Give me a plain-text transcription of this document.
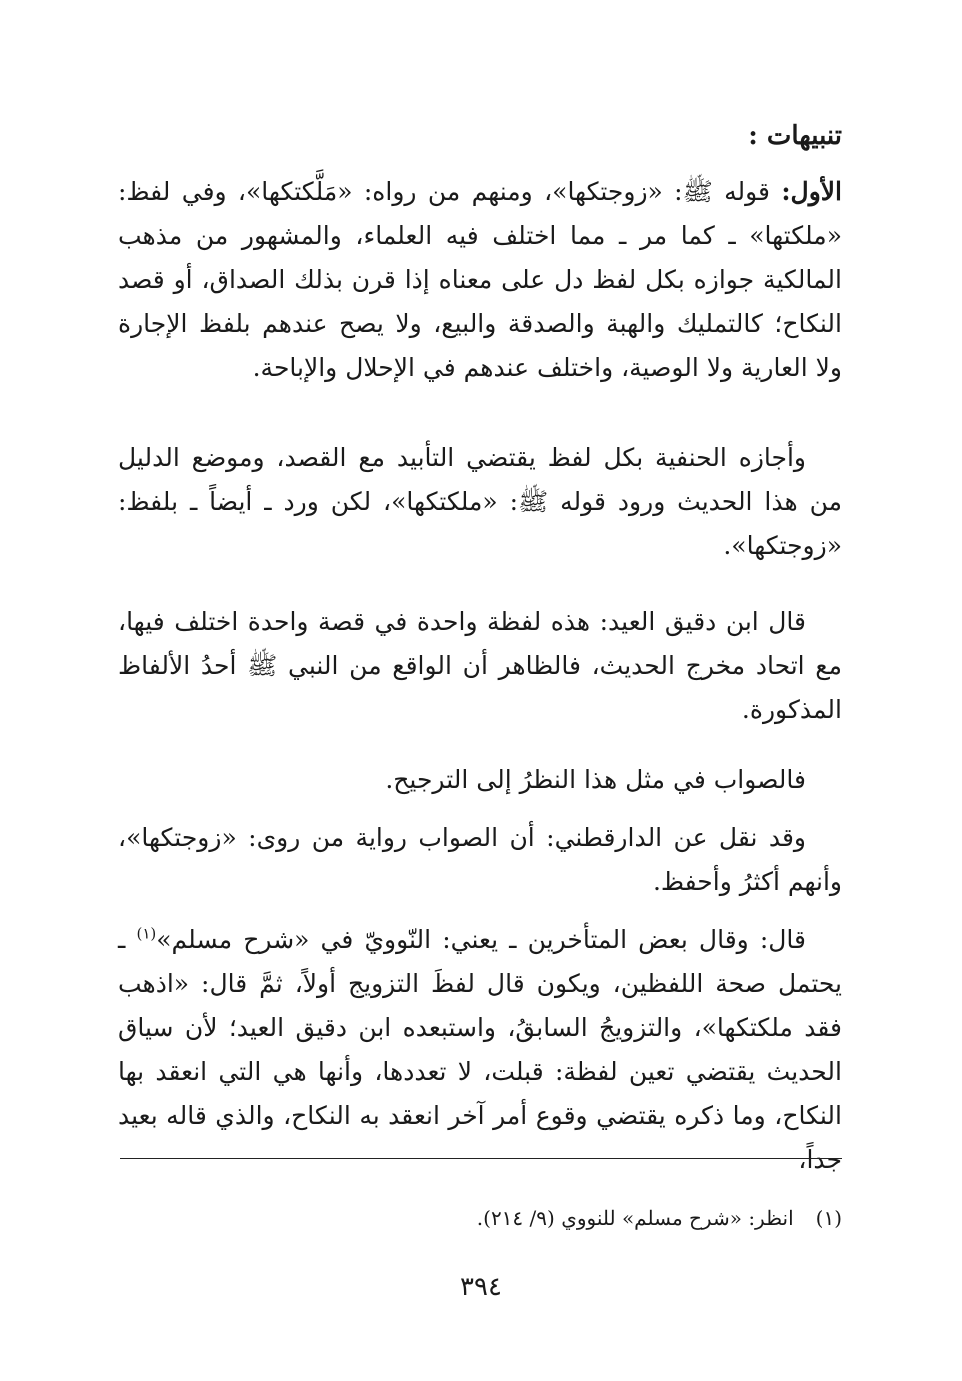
تنبيهات :

الأول: قوله ﷺ: «زوجتكها»، ومنهم من رواه: «مَلَّكتكها»، وفي لفظ: «ملكتها» ـ كما مر ـ مما اختلف فيه العلماء، والمشهور من مذهب المالكية جوازه بكل لفظ دل على معناه إذا قرن بذلك الصداق، أو قصد النكاح؛ كالتمليك والهبة والصدقة والبيع، ولا يصح عندهم بلفظ الإجارة ولا العارية ولا الوصية، واختلف عندهم في الإحلال والإباحة.

وأجازه الحنفية بكل لفظ يقتضي التأبيد مع القصد، وموضع الدليل من هذا الحديث ورود قوله ﷺ: «ملكتكها»، لكن ورد ـ أيضاً ـ بلفظ: «زوجتكها».

قال ابن دقيق العيد: هذه لفظة واحدة في قصة واحدة اختلف فيها، مع اتحاد مخرج الحديث، فالظاهر أن الواقع من النبي ﷺ أحدُ الألفاظ المذكورة.

فالصواب في مثل هذا النظرُ إلى الترجيح.

وقد نقل عن الدارقطني: أن الصواب رواية من روى: «زوجتكها»، وأنهم أكثرُ وأحفظ.

قال: وقال بعض المتأخرين ـ يعني: النّوويّ في «شرح مسلم»$^{(١)}$ ـ يحتمل صحة اللفظين، ويكون قال لفظَ التزويج أولاً، ثمَّ قال: «اذهب فقد ملكتكها»، والتزويجُ السابقُ، واستبعده ابن دقيق العيد؛ لأن سياق الحديث يقتضي تعين لفظة: قبلت، لا تعددها، وأنها هي التي انعقد بها النكاح، وما ذكره يقتضي وقوع أمر آخر انعقد به النكاح، والذي قاله بعيد جداً،

(١)انظر: «شرح مسلم» للنووي (٩/ ٢١٤).
٣٩٤
